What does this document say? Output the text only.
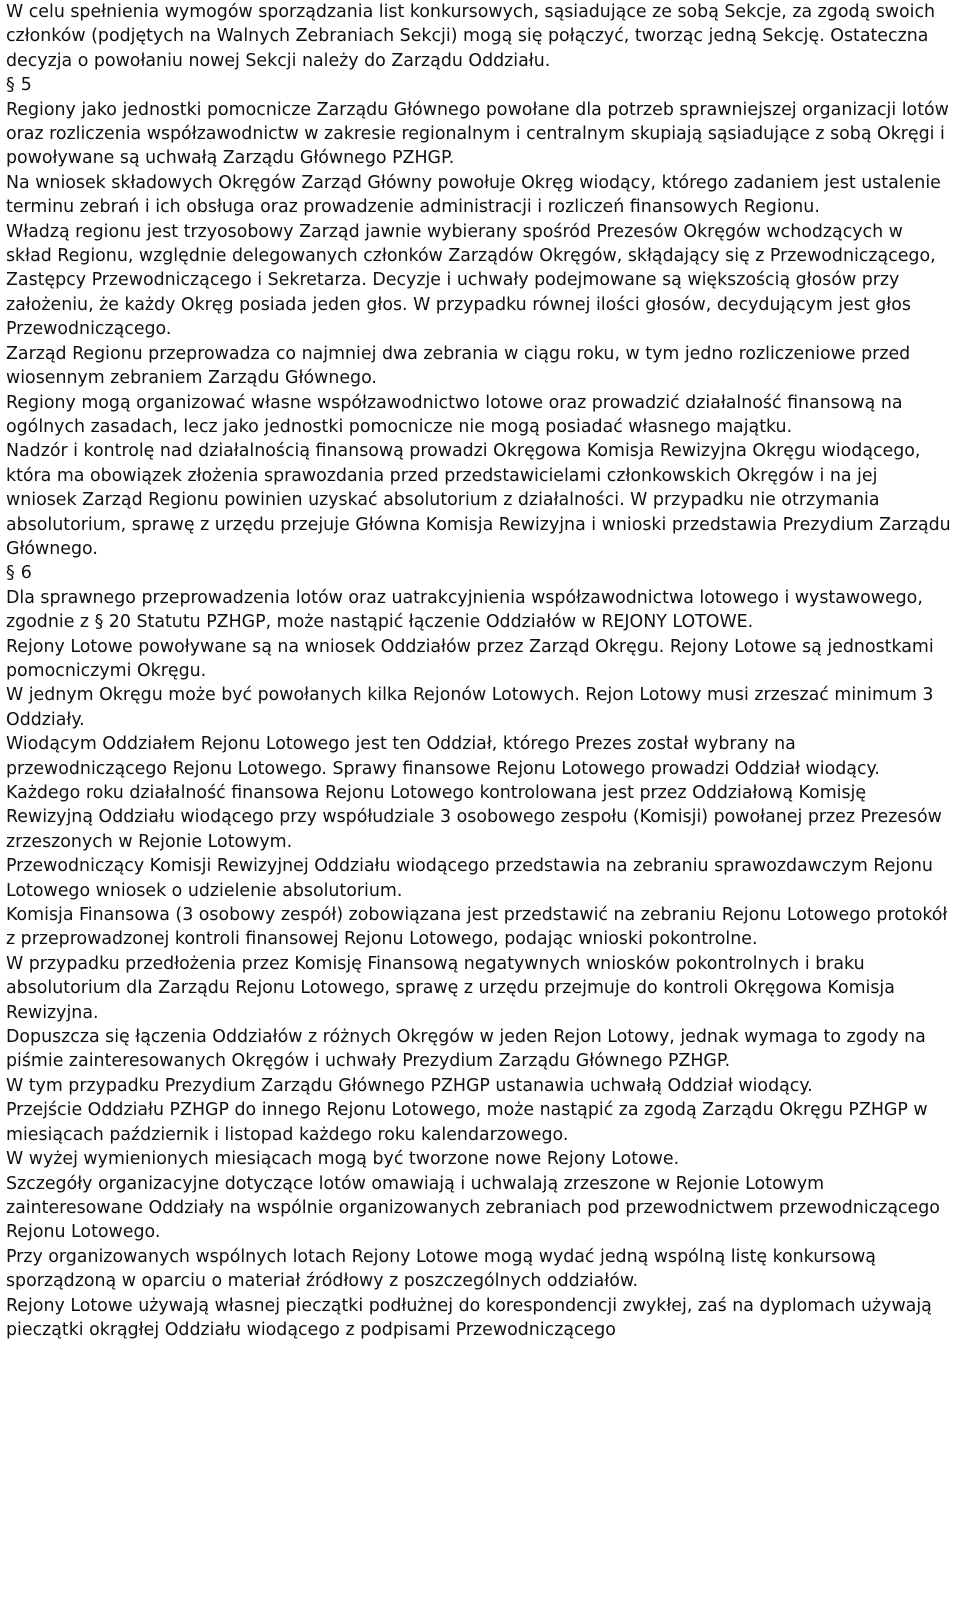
W celu spełnienia wymogów sporządzania list konkursowych, sąsiadujące ze sobą Sekcje, za zgodą swoich członków (podjętych na Walnych Zebraniach Sekcji) mogą się połączyć, tworząc jedną Sekcję. Ostateczna decyzja o powołaniu nowej Sekcji należy do Zarządu Oddziału.

§ 5

Regiony jako jednostki pomocnicze Zarządu Głównego powołane dla potrzeb sprawniejszej organizacji lotów oraz rozliczenia współzawodnictw w zakresie regionalnym i centralnym skupiają sąsiadujące z sobą Okręgi i powoływane są uchwałą Zarządu Głównego PZHGP.

Na wniosek składowych Okręgów Zarząd Główny powołuje Okręg wiodący, którego zadaniem jest ustalenie terminu zebrań i ich obsługa oraz prowadzenie administracji i rozliczeń finansowych Regionu.

Władzą regionu jest trzyosobowy Zarząd jawnie wybierany spośród Prezesów Okręgów wchodzących w skład Regionu, względnie delegowanych członków Zarządów Okręgów, skłądający się z Przewodniczącego, Zastępcy Przewodniczącego i Sekretarza. Decyzje i uchwały podejmowane są większością głosów przy założeniu, że każdy Okręg posiada jeden głos. W przypadku równej ilości głosów, decydującym jest głos Przewodniczącego.

Zarząd Regionu przeprowadza co najmniej dwa zebrania w ciągu roku, w tym jedno rozliczeniowe przed wiosennym zebraniem Zarządu Głównego.

Regiony mogą organizować własne współzawodnictwo lotowe oraz prowadzić działalność finansową na ogólnych zasadach, lecz jako jednostki pomocnicze nie mogą posiadać własnego majątku.

Nadzór i kontrolę nad działalnością finansową prowadzi Okręgowa Komisja Rewizyjna Okręgu wiodącego, która ma obowiązek złożenia sprawozdania przed przedstawicielami członkowskich Okręgów i na jej wniosek Zarząd Regionu powinien uzyskać absolutorium z działalności. W przypadku nie otrzymania absolutorium, sprawę z urzędu przejuje Główna Komisja Rewizyjna i wnioski przedstawia Prezydium Zarządu Głównego.

§ 6

Dla sprawnego przeprowadzenia lotów oraz uatrakcyjnienia współzawodnictwa lotowego i wystawowego, zgodnie z § 20 Statutu PZHGP, może nastąpić łączenie Oddziałów w REJONY LOTOWE.

Rejony Lotowe powoływane są na wniosek Oddziałów przez Zarząd Okręgu. Rejony Lotowe są jednostkami pomocniczymi Okręgu.

W jednym Okręgu może być powołanych kilka Rejonów Lotowych. Rejon Lotowy musi zrzeszać minimum 3 Oddziały.

Wiodącym Oddziałem Rejonu Lotowego jest ten Oddział, którego Prezes został wybrany na przewodniczącego Rejonu Lotowego. Sprawy finansowe Rejonu Lotowego prowadzi Oddział wiodący. Każdego roku działalność finansowa Rejonu Lotowego kontrolowana jest przez Oddziałową Komisję Rewizyjną Oddziału wiodącego przy współudziale 3 osobowego zespołu (Komisji) powołanej przez Prezesów zrzeszonych w Rejonie Lotowym.

Przewodniczący Komisji Rewizyjnej Oddziału wiodącego przedstawia na zebraniu sprawozdawczym Rejonu Lotowego wniosek o udzielenie absolutorium.

Komisja Finansowa (3 osobowy zespół) zobowiązana jest przedstawić na zebraniu Rejonu Lotowego protokół z przeprowadzonej kontroli finansowej Rejonu Lotowego, podając wnioski pokontrolne.

W przypadku przedłożenia przez Komisję Finansową negatywnych wniosków pokontrolnych i braku absolutorium dla Zarządu Rejonu Lotowego, sprawę z urzędu przejmuje do kontroli Okręgowa Komisja Rewizyjna.

Dopuszcza się łączenia Oddziałów z różnych Okręgów w jeden Rejon Lotowy, jednak wymaga to zgody na piśmie zainteresowanych Okręgów i uchwały Prezydium Zarządu Głównego PZHGP.

W tym przypadku Prezydium Zarządu Głównego PZHGP ustanawia uchwałą Oddział wiodący.

Przejście Oddziału PZHGP do innego Rejonu Lotowego, może nastąpić za zgodą Zarządu Okręgu PZHGP w miesiącach październik i listopad każdego roku kalendarzowego.

W wyżej wymienionych miesiącach mogą być tworzone nowe Rejony Lotowe.

Szczegóły organizacyjne dotyczące lotów omawiają i uchwalają zrzeszone w Rejonie Lotowym zainteresowane Oddziały na wspólnie organizowanych zebraniach pod przewodnictwem przewodniczącego Rejonu Lotowego.

Przy organizowanych wspólnych lotach Rejony Lotowe mogą wydać jedną wspólną listę konkursową sporządzoną w oparciu o materiał źródłowy z poszczególnych oddziałów.

Rejony Lotowe używają własnej pieczątki podłużnej do korespondencji zwykłej, zaś na dyplomach używają pieczątki okrągłej Oddziału wiodącego z podpisami Przewodniczącego
